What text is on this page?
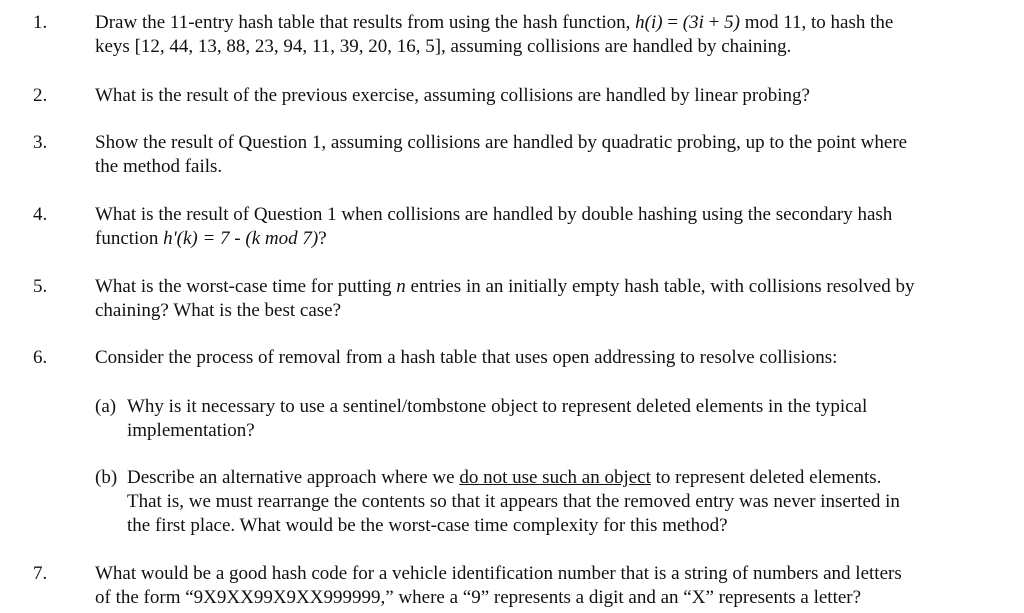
1.	Draw the 11-entry hash table that results from using the hash function, h(i) = (3i + 5) mod 11, to hash the
keys [12, 44, 13, 88, 23, 94, 11, 39, 20, 16, 5], assuming collisions are handled by chaining.
2.	What is the result of the previous exercise, assuming collisions are handled by linear probing?
3.	Show the result of Question 1, assuming collisions are handled by quadratic probing, up to the point where
the method fails.
4.	What is the result of Question 1 when collisions are handled by double hashing using the secondary hash
function h'(k) = 7 - (k mod 7)?
5.	What is the worst-case time for putting n entries in an initially empty hash table, with collisions resolved by
chaining? What is the best case?
6.	Consider the process of removal from a hash table that uses open addressing to resolve collisions:
(a) Why is it necessary to use a sentinel/tombstone object to represent deleted elements in the typical
implementation?
(b) Describe an alternative approach where we do not use such an object to represent deleted elements.
That is, we must rearrange the contents so that it appears that the removed entry was never inserted in
the first place. What would be the worst-case time complexity for this method?
7.	What would be a good hash code for a vehicle identification number that is a string of numbers and letters
of the form “9X9XX99X9XX999999,” where a “9” represents a digit and an “X” represents a letter?
